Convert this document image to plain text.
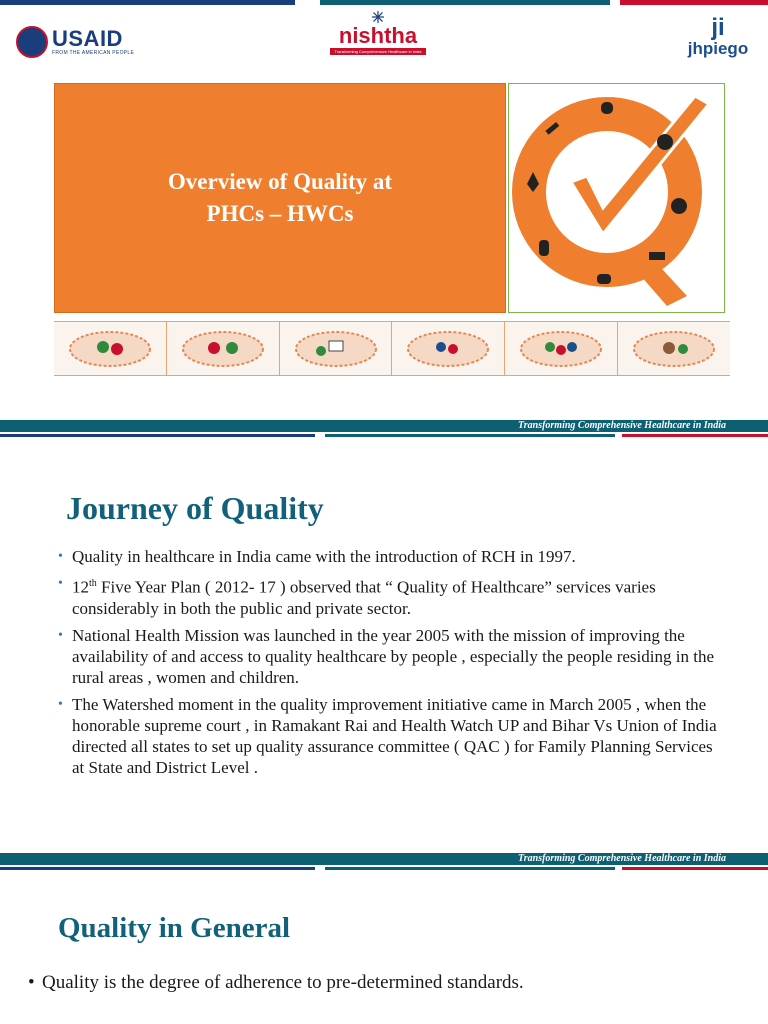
USAID
FROM THE AMERICAN PEOPLE
nishtha
Transforming Comprehensive Healthcare in India
ji
jhpiego
Overview of Quality at
PHCs – HWCs
Transforming Comprehensive Healthcare in India
Journey of Quality
• Quality in healthcare in India came with the introduction of RCH in 1997.
• 12th Five Year Plan ( 2012- 17 ) observed that “ Quality of Healthcare” services varies considerably in both the public and private sector.
• National Health Mission was launched in the year 2005 with the mission of improving the availability of and access to quality healthcare by people , especially the people residing in the rural areas , women and children.
• The Watershed moment in the quality improvement initiative came in March 2005 , when the honorable supreme court , in Ramakant Rai and Health Watch UP and Bihar Vs Union of India directed all states to set up quality assurance committee ( QAC ) for Family Planning Services at State and District Level .
Transforming Comprehensive Healthcare in India
Quality in General
• Quality is the degree of adherence to pre-determined standards.
